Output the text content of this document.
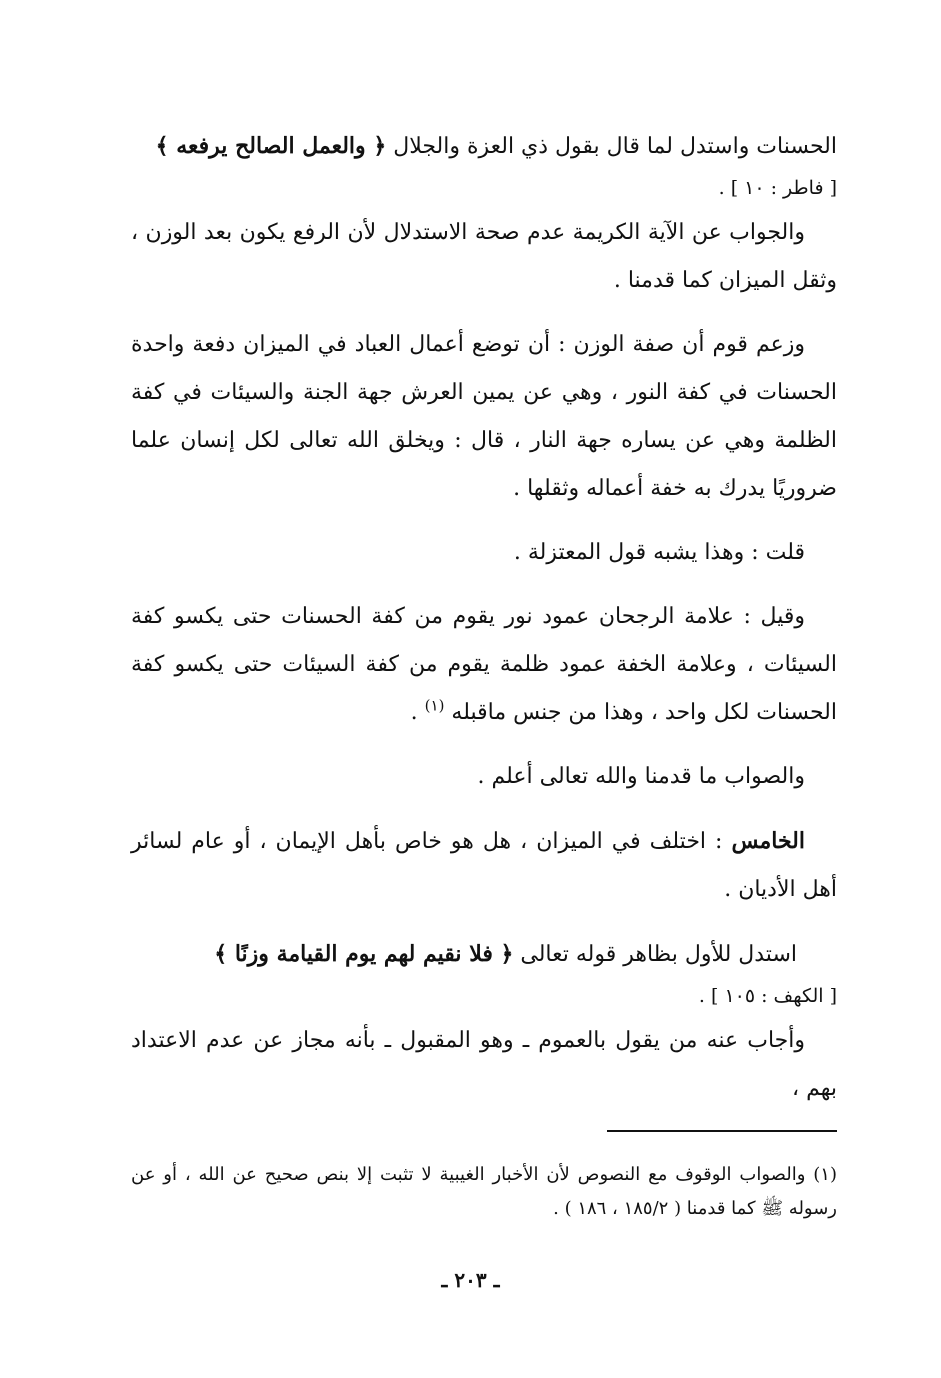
الحسنات واستدل لما قال بقول ذي العزة والجلال ﴿ والعمل الصالح يرفعه ﴾
[ فاطر : ١٠ ] .

والجواب عن الآية الكريمة عدم صحة الاستدلال لأن الرفع يكون بعد الوزن ، وثقل الميزان كما قدمنا .

وزعم قوم أن صفة الوزن : أن توضع أعمال العباد في الميزان دفعة واحدة الحسنات في كفة النور ، وهي عن يمين العرش جهة الجنة والسيئات في كفة الظلمة وهي عن يساره جهة النار ، قال : ويخلق الله تعالى لكل إنسان علما ضروريًا يدرك به خفة أعماله وثقلها .

قلت : وهذا يشبه قول المعتزلة .

وقيل : علامة الرجحان عمود نور يقوم من كفة الحسنات حتى يكسو كفة السيئات ، وعلامة الخفة عمود ظلمة يقوم من كفة السيئات حتى يكسو كفة الحسنات لكل واحد ، وهذا من جنس ماقبله $^{(١)}$ .

والصواب ما قدمنا والله تعالى أعلم .

الخامس : اختلف في الميزان ، هل هو خاص بأهل الإيمان ، أو عام لسائر أهل الأديان .

استدل للأول بظاهر قوله تعالى ﴿ فلا نقيم لهم يوم القيامة وزنًا ﴾
[ الكهف : ١٠٥ ] .

وأجاب عنه من يقول بالعموم ـ وهو المقبول ـ بأنه مجاز عن عدم الاعتداد بهم ،

(١) والصواب الوقوف مع النصوص لأن الأخبار الغيبية لا تثبت إلا بنص صحيح عن الله ، أو عن رسوله ﷺ كما قدمنا ( ١٨٥/٢ ، ١٨٦ ) .

ـ ٢٠٣ ـ
